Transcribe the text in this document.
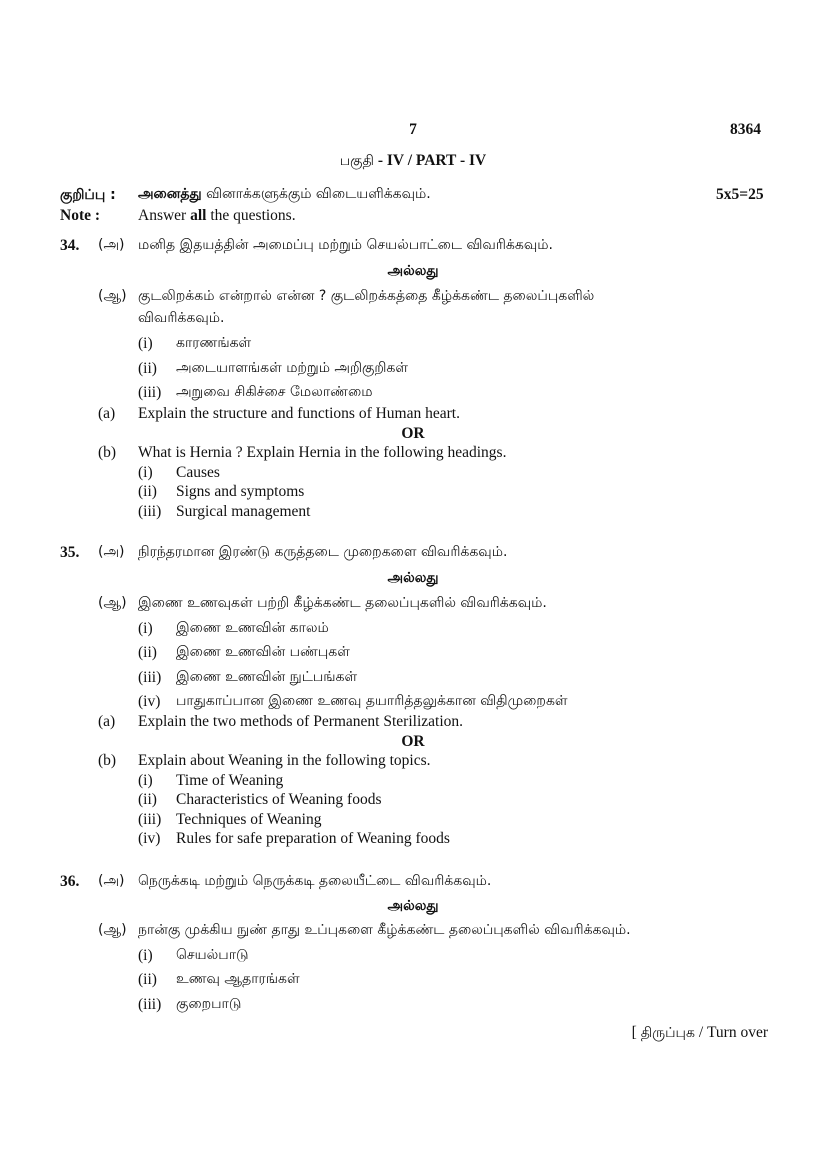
7	8364
பகுதி - IV / PART - IV
குறிப்பு : அனைத்து வினாக்களுக்கும் விடையளிக்கவும்.	5x5=25
Note : Answer all the questions.
34. (அ) மனித இதயத்தின் அமைப்பு மற்றும் செயல்பாட்டை விவரிக்கவும்.
அல்லது
(ஆ) குடலிறக்கம் என்றால் என்ன ? குடலிறக்கத்தை கீழ்க்கண்ட தலைப்புகளில்
விவரிக்கவும்.
(i) காரணங்கள்
(ii) அடையாளங்கள் மற்றும் அறிகுறிகள்
(iii) அறுவை சிகிச்சை மேலாண்மை
(a) Explain the structure and functions of Human heart.
OR
(b) What is Hernia ? Explain Hernia in the following headings.
(i) Causes
(ii) Signs and symptoms
(iii) Surgical management
35. (அ) நிரந்தரமான இரண்டு கருத்தடை முறைகளை விவரிக்கவும்.
அல்லது
(ஆ) இணை உணவுகள் பற்றி கீழ்க்கண்ட தலைப்புகளில் விவரிக்கவும்.
(i) இணை உணவின் காலம்
(ii) இணை உணவின் பண்புகள்
(iii) இணை உணவின் நுட்பங்கள்
(iv) பாதுகாப்பான இணை உணவு தயாரித்தலுக்கான விதிமுறைகள்
(a) Explain the two methods of Permanent Sterilization.
OR
(b) Explain about Weaning in the following topics.
(i) Time of Weaning
(ii) Characteristics of Weaning foods
(iii) Techniques of Weaning
(iv) Rules for safe preparation of Weaning foods
36. (அ) நெருக்கடி மற்றும் நெருக்கடி தலையீட்டை விவரிக்கவும்.
அல்லது
(ஆ) நான்கு முக்கிய நுண் தாது உப்புகளை கீழ்க்கண்ட தலைப்புகளில் விவரிக்கவும்.
(i) செயல்பாடு
(ii) உணவு ஆதாரங்கள்
(iii) குறைபாடு
[ திருப்புக / Turn over
